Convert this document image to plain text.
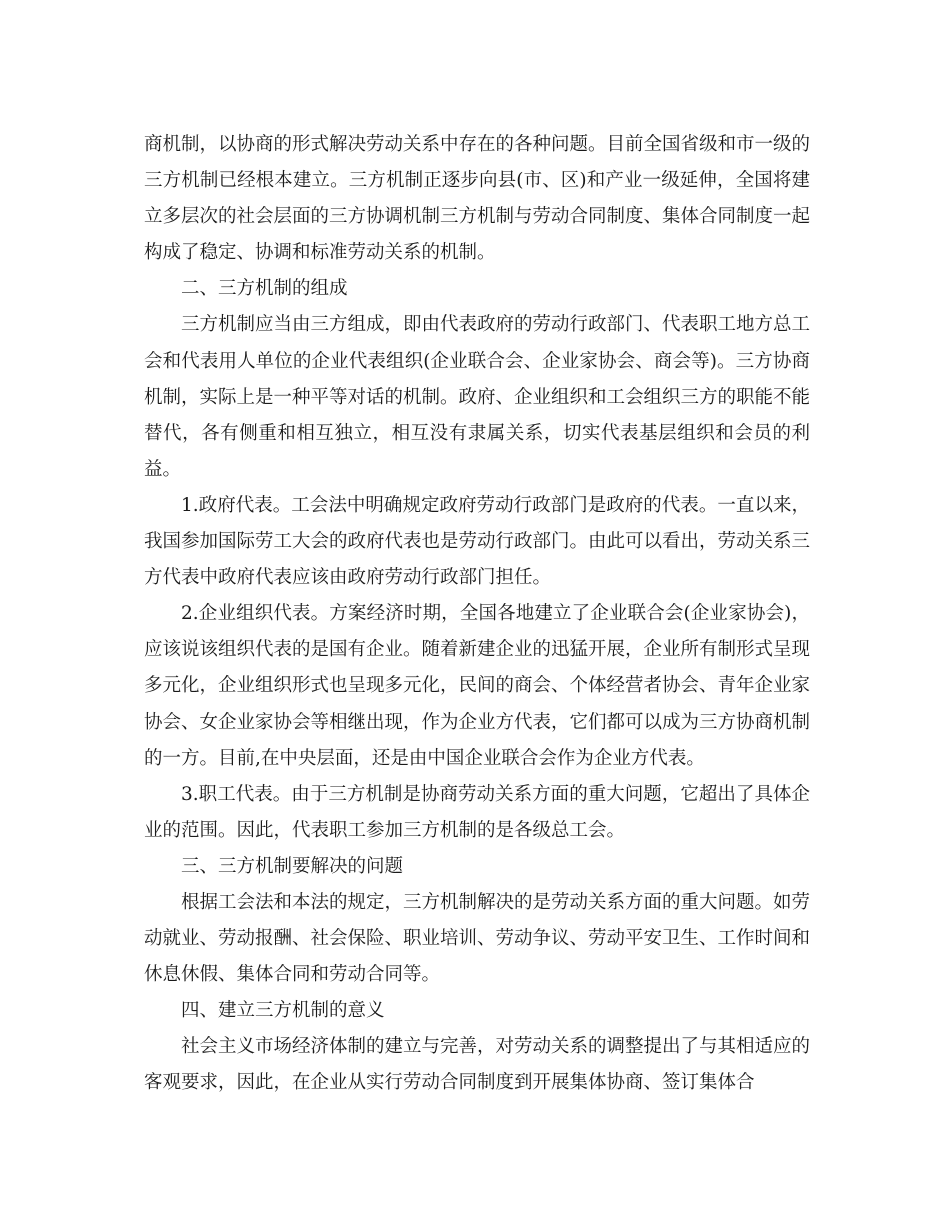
商机制，以协商的形式解决劳动关系中存在的各种问题。目前全国省级和市一级的三方机制已经根本建立。三方机制正逐步向县(市、区)和产业一级延伸，全国将建立多层次的社会层面的三方协调机制三方机制与劳动合同制度、集体合同制度一起构成了稳定、协调和标准劳动关系的机制。

二、三方机制的组成

三方机制应当由三方组成，即由代表政府的劳动行政部门、代表职工地方总工会和代表用人单位的企业代表组织(企业联合会、企业家协会、商会等)。三方协商机制，实际上是一种平等对话的机制。政府、企业组织和工会组织三方的职能不能替代，各有侧重和相互独立，相互没有隶属关系，切实代表基层组织和会员的利益。

1.政府代表。工会法中明确规定政府劳动行政部门是政府的代表。一直以来，我国参加国际劳工大会的政府代表也是劳动行政部门。由此可以看出，劳动关系三方代表中政府代表应该由政府劳动行政部门担任。

2.企业组织代表。方案经济时期，全国各地建立了企业联合会(企业家协会)，应该说该组织代表的是国有企业。随着新建企业的迅猛开展，企业所有制形式呈现多元化，企业组织形式也呈现多元化，民间的商会、个体经营者协会、青年企业家协会、女企业家协会等相继出现，作为企业方代表，它们都可以成为三方协商机制的一方。目前,在中央层面，还是由中国企业联合会作为企业方代表。

3.职工代表。由于三方机制是协商劳动关系方面的重大问题，它超出了具体企业的范围。因此，代表职工参加三方机制的是各级总工会。

三、三方机制要解决的问题

根据工会法和本法的规定，三方机制解决的是劳动关系方面的重大问题。如劳动就业、劳动报酬、社会保险、职业培训、劳动争议、劳动平安卫生、工作时间和休息休假、集体合同和劳动合同等。

四、建立三方机制的意义

社会主义市场经济体制的建立与完善，对劳动关系的调整提出了与其相适应的客观要求，因此，在企业从实行劳动合同制度到开展集体协商、签订集体合
